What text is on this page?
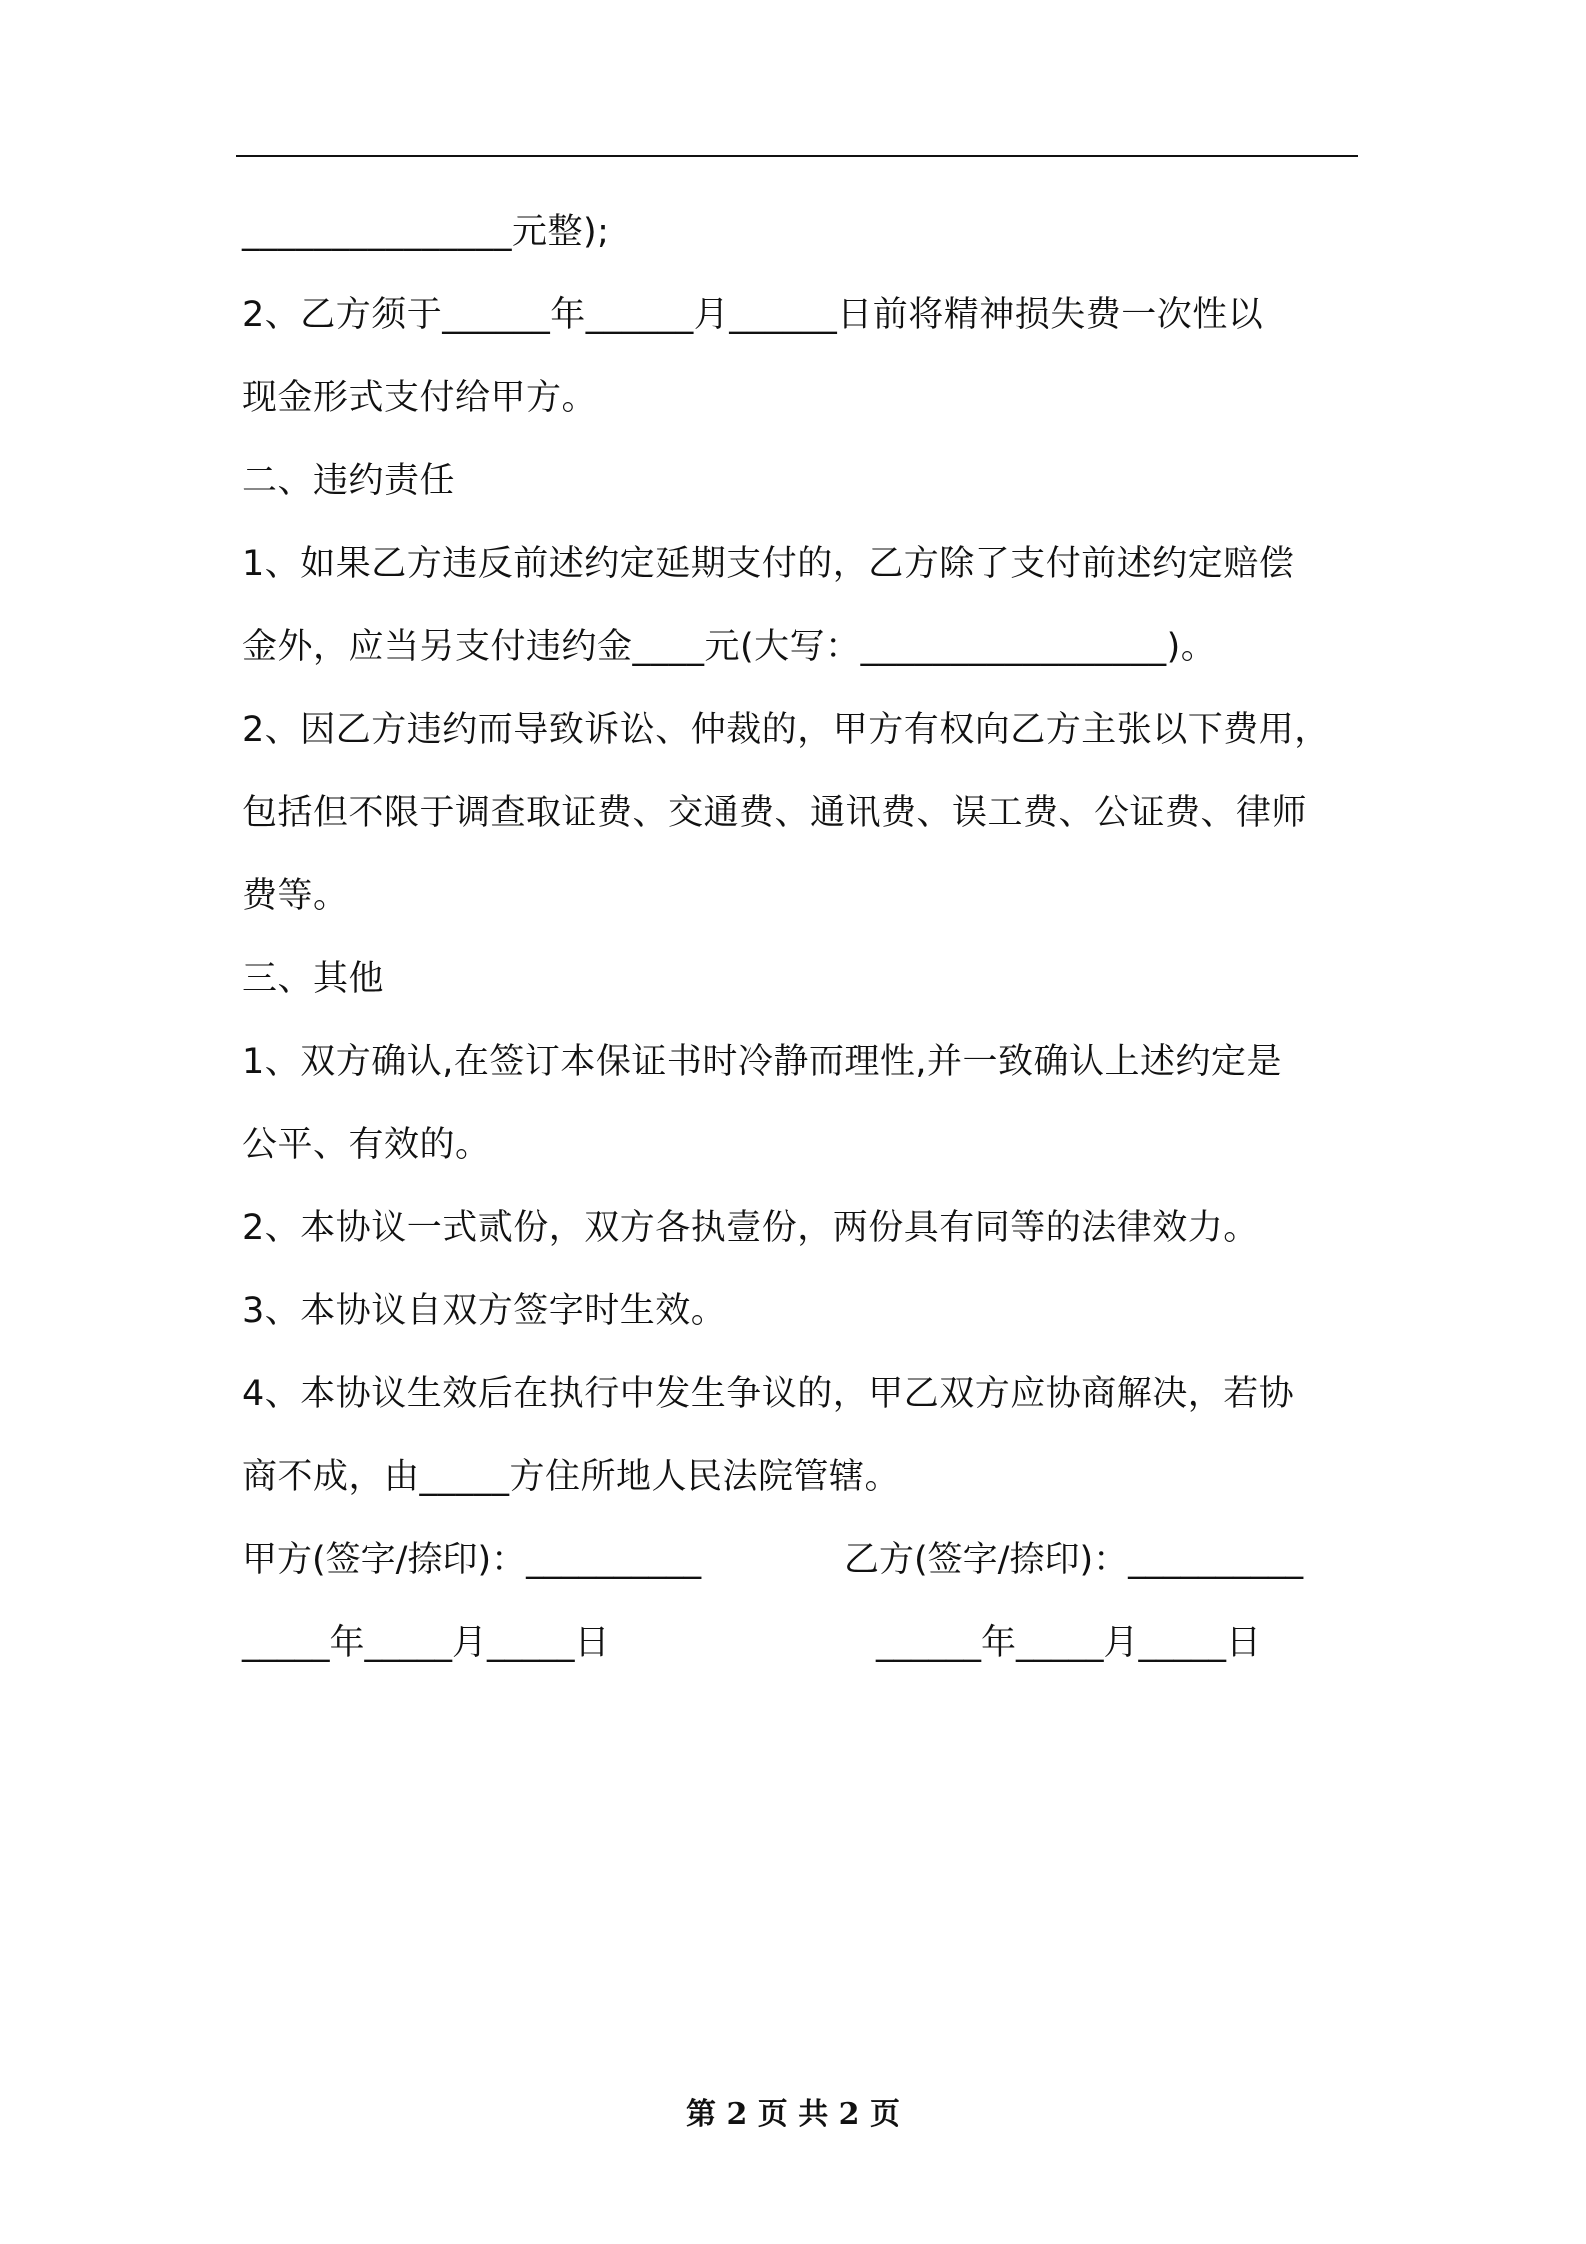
_______________元整);
2、乙方须于______年______月______日前将精神损失费一次性以
现金形式支付给甲方。
二、违约责任
1、如果乙方违反前述约定延期支付的，乙方除了支付前述约定赔偿
金外，应当另支付违约金____元(大写：_________________)。
2、因乙方违约而导致诉讼、仲裁的，甲方有权向乙方主张以下费用，
包括但不限于调查取证费、交通费、通讯费、误工费、公证费、律师
费等。
三、其他
1、双方确认,在签订本保证书时冷静而理性,并一致确认上述约定是
公平、有效的。
2、本协议一式贰份，双方各执壹份，两份具有同等的法律效力。
3、本协议自双方签字时生效。
4、本协议生效后在执行中发生争议的，甲乙双方应协商解决，若协
商不成，由_____方住所地人民法院管辖。
甲方(签字/捺印)：__________	乙方(签字/捺印)：__________
_____年_____月_____日	______年_____月_____日
第 2 页 共 2 页
